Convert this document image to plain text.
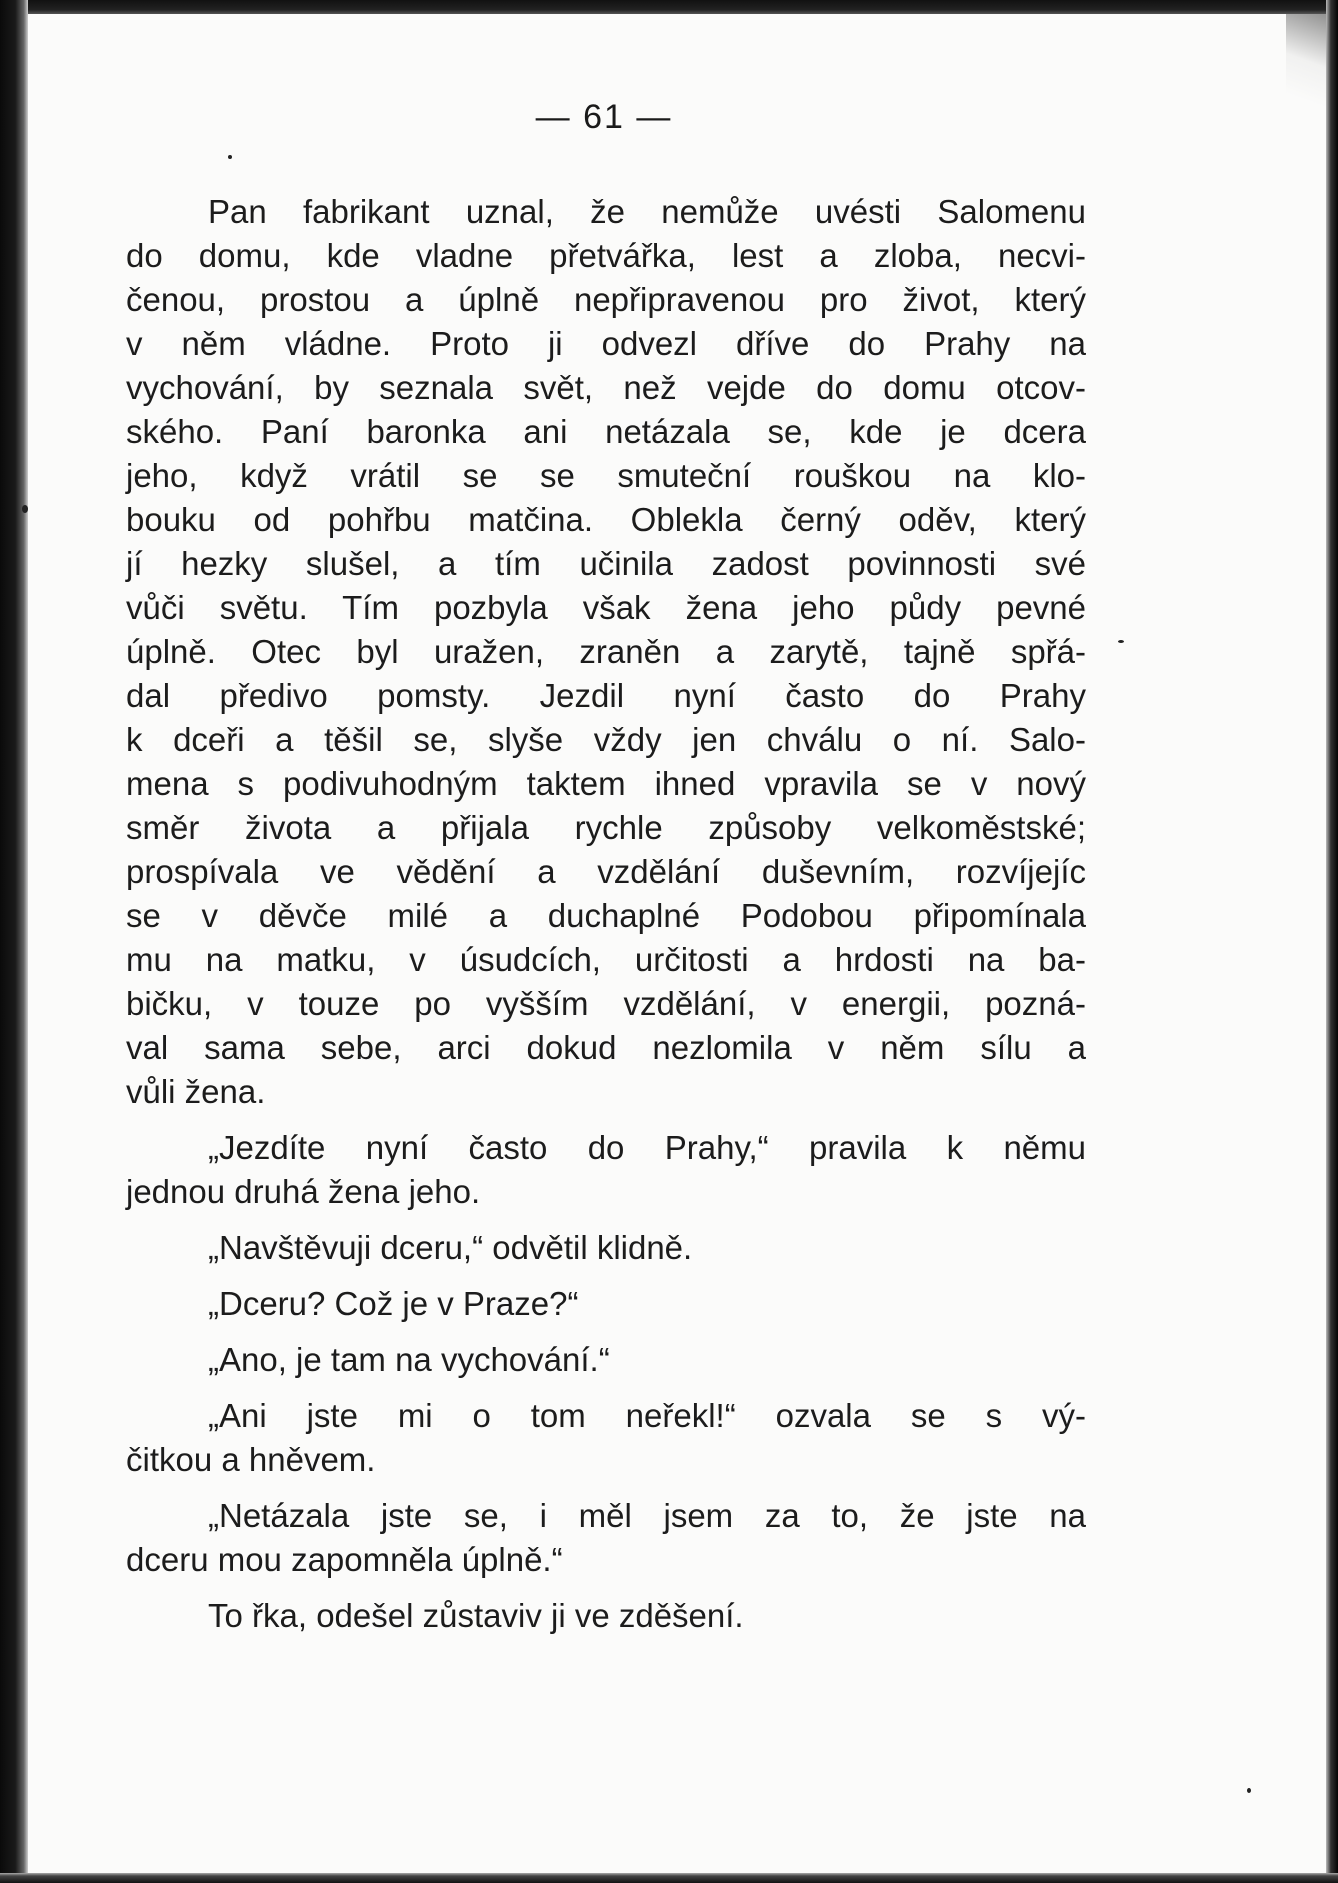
— 61 —
Pan fabrikant uznal, že nemůže uvésti Salomenu
do domu, kde vladne přetvářka, lest a zloba, necvi-
čenou, prostou a úplně nepřipravenou pro život, který
v něm vládne. Proto ji odvezl dříve do Prahy na
vychování, by seznala svět, než vejde do domu otcov-
ského. Paní baronka ani netázala se, kde je dcera
jeho, když vrátil se se smuteční rouškou na klo-
bouku od pohřbu matčina. Oblekla černý oděv, který
jí hezky slušel, a tím učinila zadost povinnosti své
vůči světu. Tím pozbyla však žena jeho půdy pevné
úplně. Otec byl uražen, zraněn a zarytě, tajně spřá-
dal předivo pomsty. Jezdil nyní často do Prahy
k dceři a těšil se, slyše vždy jen chválu o ní. Salo-
mena s podivuhodným taktem ihned vpravila se v nový
směr života a přijala rychle způsoby velkoměstské;
prospívala ve vědění a vzdělání duševním, rozvíjejíc
se v děvče milé a duchaplné Podobou připomínala
mu na matku, v úsudcích, určitosti a hrdosti na ba-
bičku, v touze po vyšším vzdělání, v energii, pozná-
val sama sebe, arci dokud nezlomila v něm sílu a
vůli žena.
„Jezdíte nyní často do Prahy,“ pravila k němu
jednou druhá žena jeho.
„Navštěvuji dceru,“ odvětil klidně.
„Dceru? Což je v Praze?“
„Ano, je tam na vychování.“
„Ani jste mi o tom neřekl!“ ozvala se s vý-
čitkou a hněvem.
„Netázala jste se, i měl jsem za to, že jste na
dceru mou zapomněla úplně.“
To řka, odešel zůstaviv ji ve zděšení.
